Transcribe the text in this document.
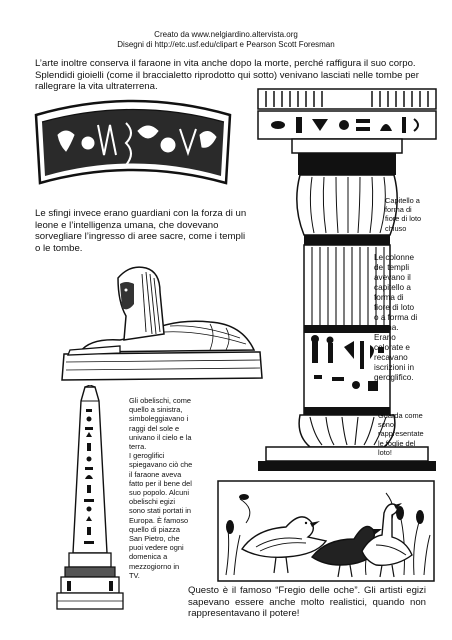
Creato da www.nelgiardino.altervista.org
Disegni di http://etc.usf.edu/clipart e Pearson Scott Foresman

L’arte inoltre conserva il faraone in vita anche dopo la morte, perché raffigura il suo corpo. Splendidi gioielli (come il braccialetto riprodotto qui sotto) venivano lasciati nelle tombe per rallegrare la vita ultraterrena.

Capitello a
forma di
fiore di loto
chiuso

Le sfingi invece erano guardiani con la forza di un leone e l’intelligenza umana, che dovevano sorvegliare l’ingresso di aree sacre, come i templi o le tombe.

Le colonne
dei templi
avevano il
capitello a
forma di
fiore di loto
o a forma di
palma.
Erano
colorate e
recavano
iscrizioni in
geroglifico.
Gli obelischi, come
quello a sinistra,
simboleggiavano i
raggi del sole e
univano il cielo e la
terra.
I geroglifici
spiegavano ciò che
il faraone aveva
fatto per il bene del
suo popolo. Alcuni
obelischi egizi
sono stati portati in
Europa. È famoso
quello di piazza
San Pietro, che
puoi vedere ogni
domenica a
mezzogiorno in
TV.
Guarda come
sono
rappresentate
le foglie del
loto!

Questo è il famoso “Fregio delle oche”. Gli artisti egizi sapevano essere anche molto realistici, quando non rappresentavano il potere!
